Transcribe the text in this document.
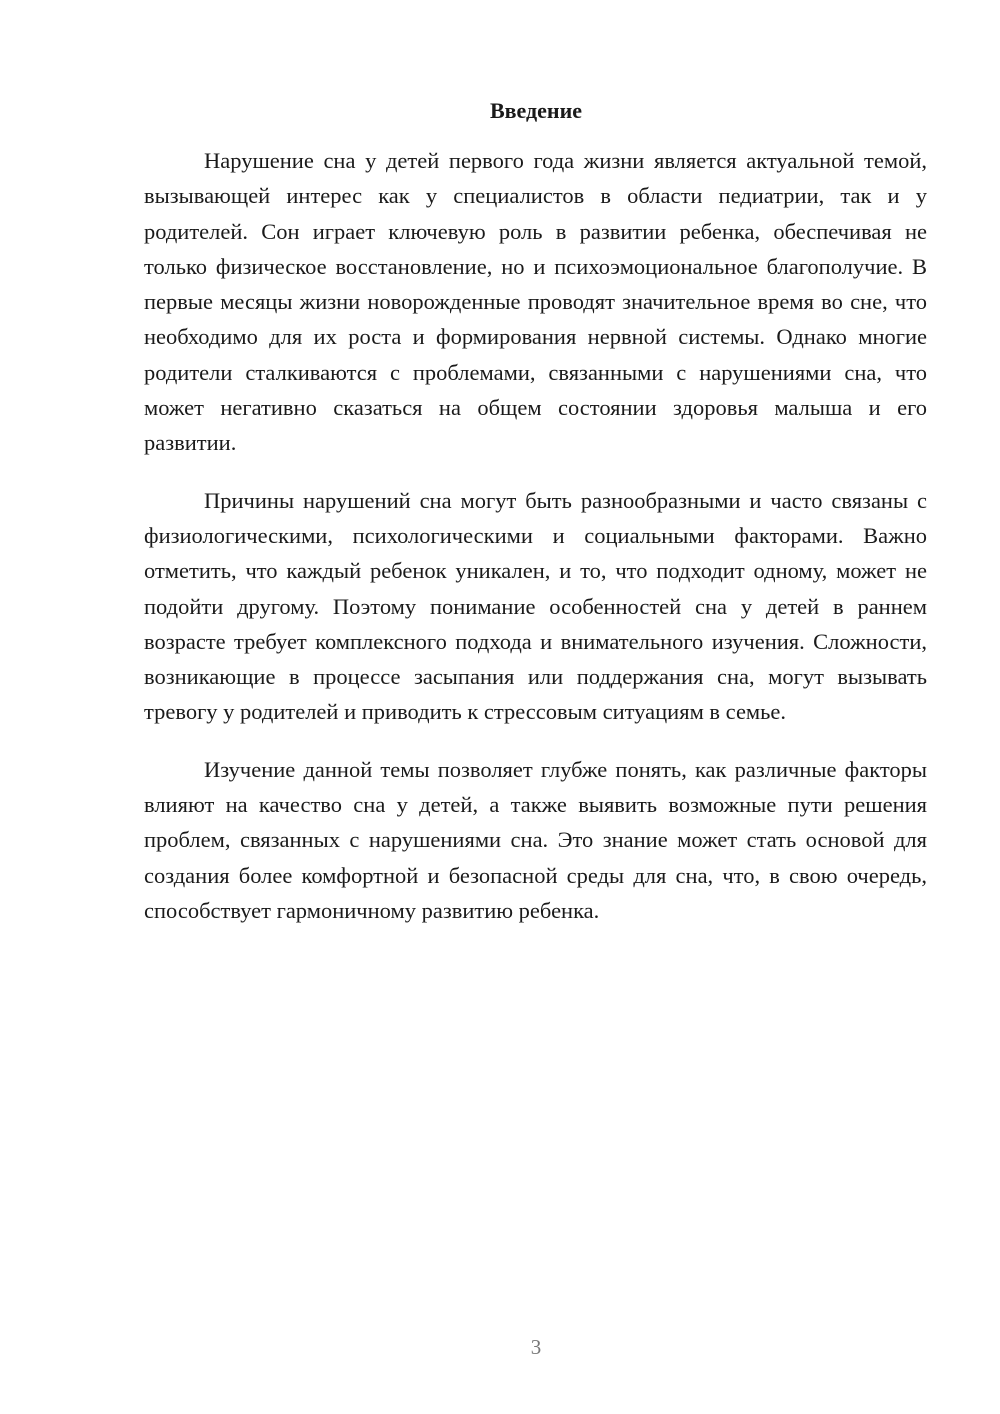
Введение

Нарушение сна у детей первого года жизни является актуальной темой, вызывающей интерес как у специалистов в области педиатрии, так и у родителей. Сон играет ключевую роль в развитии ребенка, обеспечивая не только физическое восстановление, но и психоэмоциональное благополучие. В первые месяцы жизни новорожденные проводят значительное время во сне, что необходимо для их роста и формирования нервной системы. Однако многие родители сталкиваются с проблемами, связанными с нарушениями сна, что может негативно сказаться на общем состоянии здоровья малыша и его развитии.

Причины нарушений сна могут быть разнообразными и часто связаны с физиологическими, психологическими и социальными факторами. Важно отметить, что каждый ребенок уникален, и то, что подходит одному, может не подойти другому. Поэтому понимание особенностей сна у детей в раннем возрасте требует комплексного подхода и внимательного изучения. Сложности, возникающие в процессе засыпания или поддержания сна, могут вызывать тревогу у родителей и приводить к стрессовым ситуациям в семье.

Изучение данной темы позволяет глубже понять, как различные факторы влияют на качество сна у детей, а также выявить возможные пути решения проблем, связанных с нарушениями сна. Это знание может стать основой для создания более комфортной и безопасной среды для сна, что, в свою очередь, способствует гармоничному развитию ребенка.

3
